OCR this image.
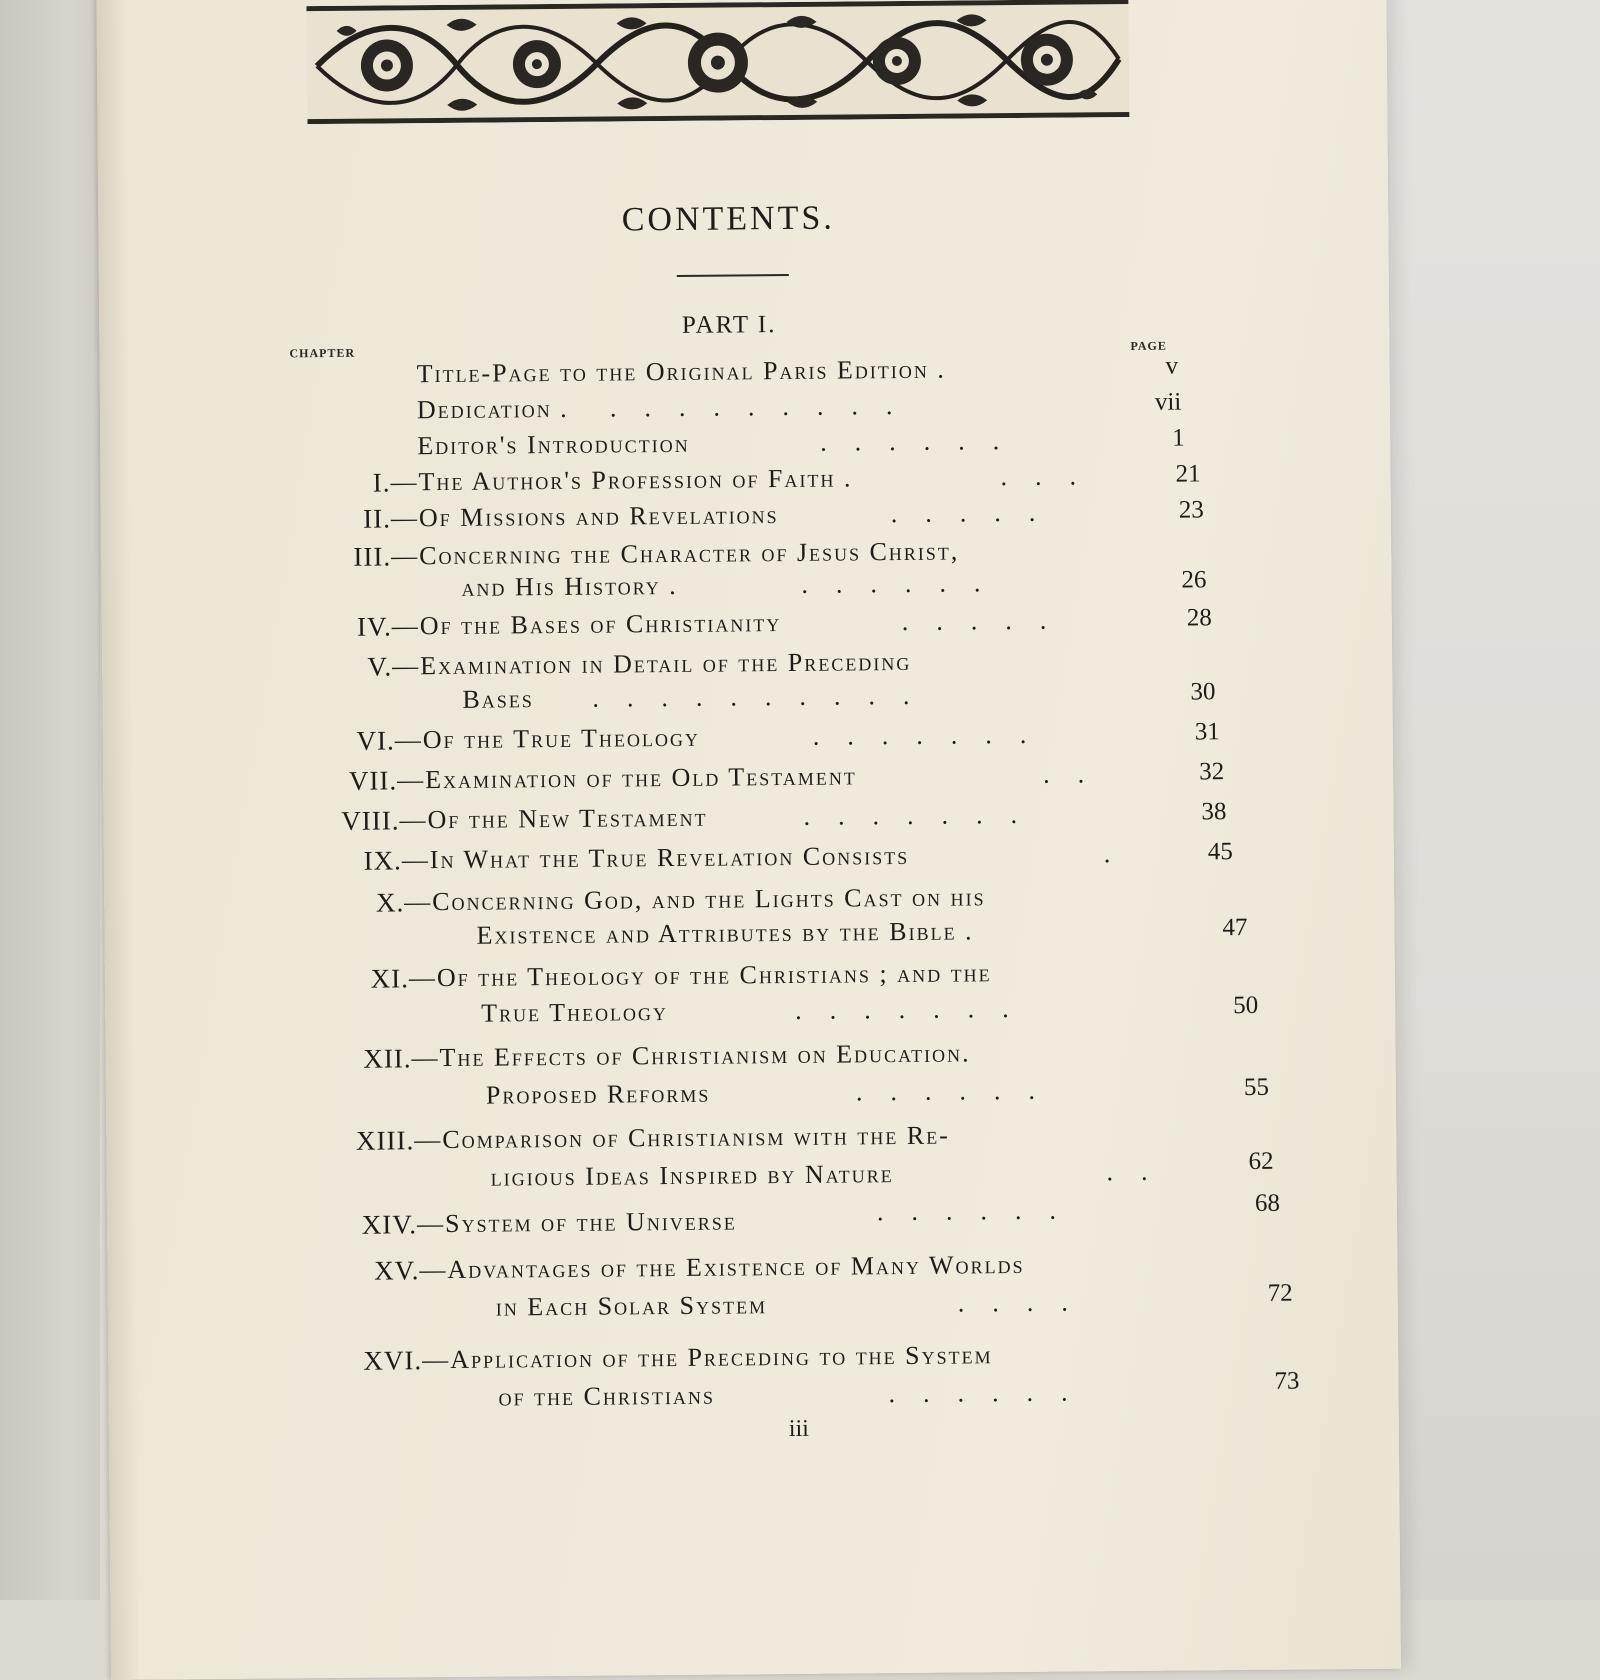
CONTENTS.
PART I.
CHAPTER	PAGE
Title-Page to the Original Paris Edition .	v
Dedication . .........	vii
Editor's Introduction	......	1
I. —The Author's Profession of Faith .	...	21
II. —Of Missions and Revelations	.....	23
III. —Concerning the Character of Jesus Christ,
and His History .	......	26
IV. —Of the Bases of Christianity	.....	28
V. —Examination in Detail of the Preceding
Bases ..........	30
VI. —Of the True Theology	.......	31
VII. —Examination of the Old Testament	..	32
VIII. —Of the New Testament	.......	38
IX. —In What the True Revelation Consists	.	45
X. —Concerning God, and the Lights Cast on his
Existence and Attributes by the Bible .	47
XI. —Of the Theology of the Christians ; and the
True Theology	.......	50
XII. —The Effects of Christianism on Education.
Proposed Reforms	......	55
XIII. —Comparison of Christianism with the Re-
ligious Ideas Inspired by Nature	..	62
XIV. —System of the Universe	......	68
XV. —Advantages of the Existence of Many Worlds
in Each Solar System	....	72
XVI. —Application of the Preceding to the System
of the Christians	......	73
iii
